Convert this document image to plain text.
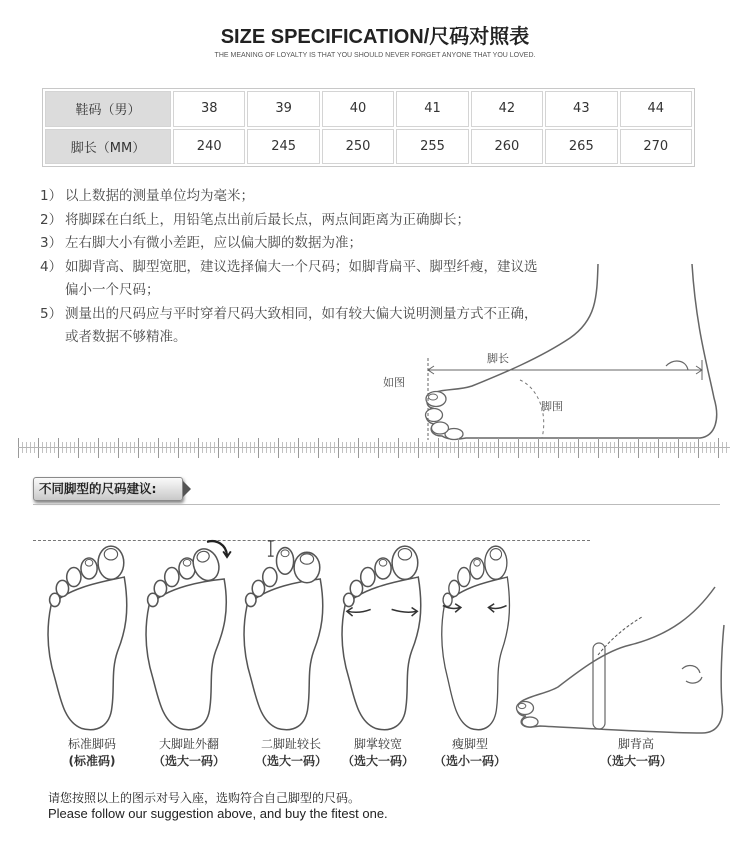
SIZE SPECIFICATION/尺码对照表
THE MEANING OF LOYALTY IS THAT YOU SHOULD NEVER FORGET ANYONE THAT YOU LOVED.
鞋码（男）	38	39	40	41	42	43	44
脚长（MM）	240	245	250	255	260	265	270
1） 以上数据的测量单位均为毫米；
2） 将脚踩在白纸上，用铅笔点出前后最长点，两点间距离为正确脚长；
3） 左右脚大小有微小差距，应以偏大脚的数据为准；
4） 如脚背高、脚型宽肥，建议选择偏大一个尺码；如脚背扁平、脚型纤瘦，建议选
偏小一个尺码；
5） 测量出的尺码应与平时穿着尺码大致相同，如有较大偏大说明测量方式不正确，
或者数据不够精准。
脚长
如图
脚围
不同脚型的尺码建议:
标准脚码
(标准码)
大脚趾外翻
（选大一码）
二脚趾较长
（选大一码）
脚掌较宽
（选大一码）
瘦脚型
（选小一码）
脚背高
（选大一码）
请您按照以上的图示对号入座，选购符合自己脚型的尺码。
Please follow our suggestion above, and buy the fitest one.
